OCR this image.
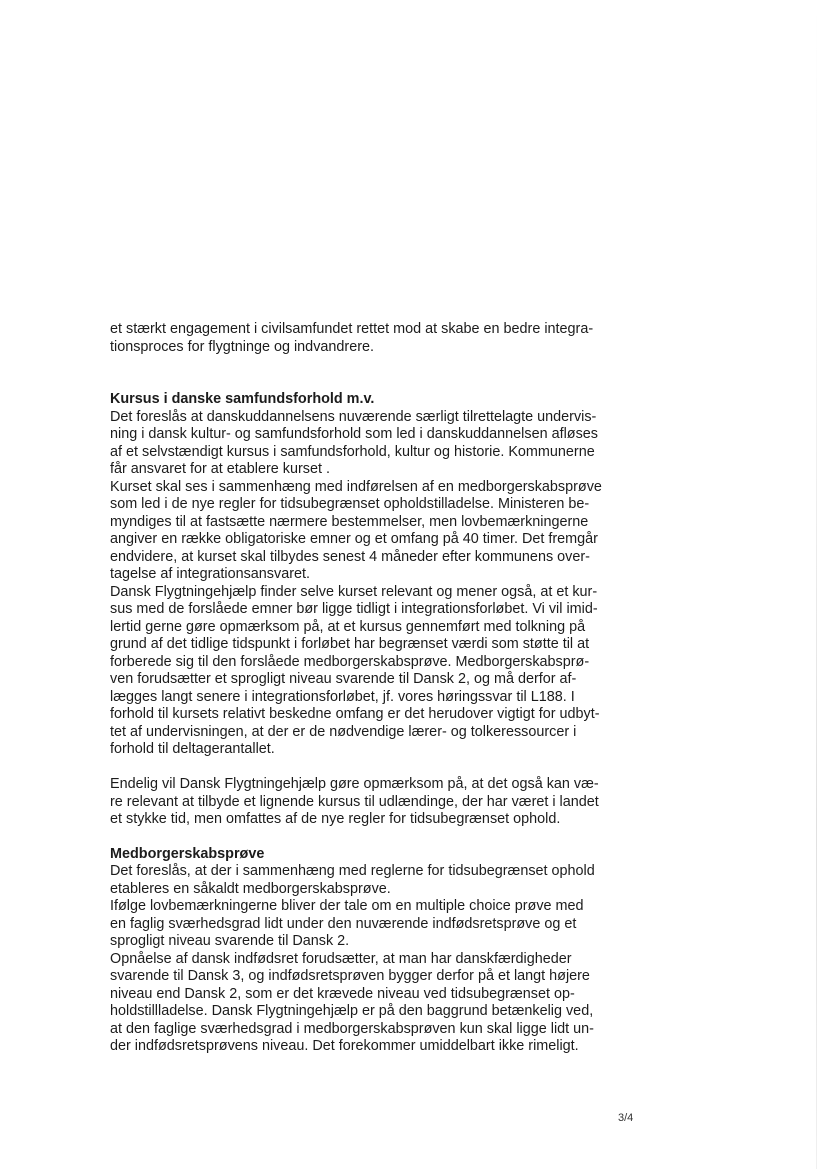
et stærkt engagement i civilsamfundet rettet mod at skabe en bedre integra-
tionsproces for flygtninge og indvandrere.
Kursus i danske samfundsforhold m.v.
Det foreslås at danskuddannelsens nuværende særligt tilrettelagte undervis-
ning i dansk kultur- og samfundsforhold som led i danskuddannelsen afløses
af et selvstændigt kursus i samfundsforhold, kultur og historie. Kommunerne
får ansvaret for at etablere kurset .
Kurset skal ses i sammenhæng med indførelsen af en medborgerskabsprøve
som led i de nye regler for tidsubegrænset opholdstilladelse. Ministeren be-
myndiges til at fastsætte nærmere bestemmelser, men lovbemærkningerne
angiver en række obligatoriske emner og et omfang på 40 timer. Det fremgår
endvidere, at kurset skal tilbydes senest 4 måneder efter kommunens over-
tagelse af integrationsansvaret.
Dansk Flygtningehjælp finder selve kurset relevant og mener også, at et kur-
sus med de forslåede emner bør ligge tidligt i integrationsforløbet. Vi vil imid-
lertid gerne gøre opmærksom på, at et kursus gennemført med tolkning på
grund af det tidlige tidspunkt i forløbet har begrænset værdi som støtte til at
forberede sig til den forslåede medborgerskabsprøve. Medborgerskabsprø-
ven forudsætter et sprogligt niveau svarende til Dansk 2, og må derfor af-
lægges langt senere i integrationsforløbet, jf. vores høringssvar til L188. I
forhold til kursets relativt beskedne omfang er det herudover vigtigt for udbyt-
tet af undervisningen, at der er de nødvendige lærer- og tolkeressourcer i
forhold til deltagerantallet.
Endelig vil Dansk Flygtningehjælp gøre opmærksom på, at det også kan væ-
re relevant at tilbyde et lignende kursus til udlændinge, der har været i landet
et stykke tid, men omfattes af de nye regler for tidsubegrænset ophold.
Medborgerskabsprøve
Det foreslås, at der i sammenhæng med reglerne for tidsubegrænset ophold
etableres en såkaldt medborgerskabsprøve.
Ifølge lovbemærkningerne bliver der tale om en multiple choice prøve med
en faglig sværhedsgrad lidt under den nuværende indfødsretsprøve og et
sprogligt niveau svarende til Dansk 2.
Opnåelse af dansk indfødsret forudsætter, at man har danskfærdigheder
svarende til Dansk 3, og indfødsretsprøven bygger derfor på et langt højere
niveau end Dansk 2, som er det krævede niveau ved tidsubegrænset op-
holdstillladelse. Dansk Flygtningehjælp er på den baggrund betænkelig ved,
at den faglige sværhedsgrad i medborgerskabsprøven kun skal ligge lidt un-
der indfødsretsprøvens niveau. Det forekommer umiddelbart ikke rimeligt.
3/4
